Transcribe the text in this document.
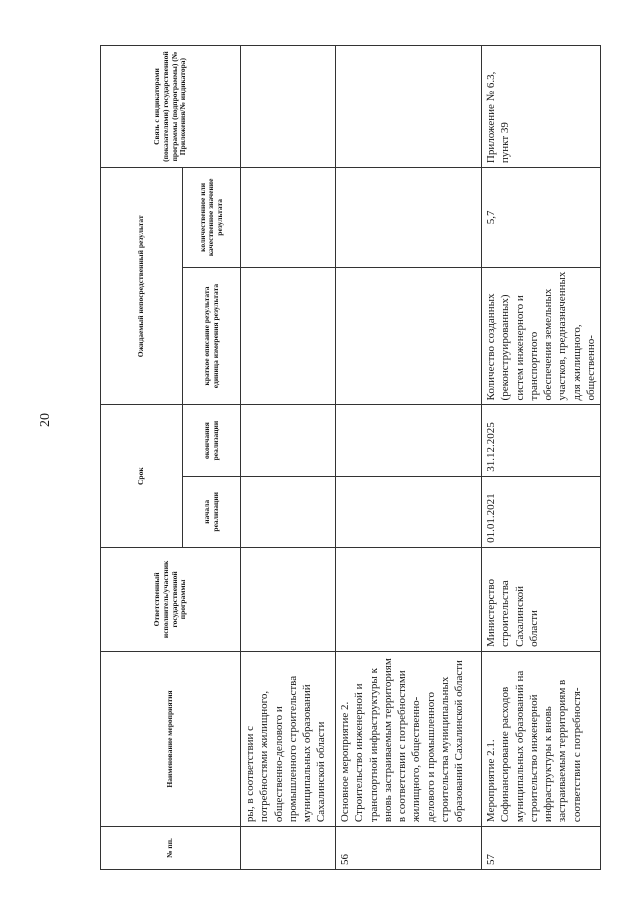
20
№ пп.	Наименование мероприятия	Ответственный исполнитель/участник государственной программы	Срок		Ожидаемый непосредственный результат		Связь с индикаторами (показателями) государственной программы (подпрограммы) (№ Приложения/№ индикатора)
			начала реализации	окончания реализации	краткое описание результата единица измерения результата	количественное или качественное значение результата	
	ры, в соответствии с потребностями жилищного, общественно-делового и промышленного строительства муниципальных образований Сахалинской области						
56	Основное мероприятие 2. Строительство инженерной и транспортной инфраструктуры к вновь застраиваемым территориям в соответствии с потребностями жилищного, общественно-делового и промышленного строительства муниципальных образований Сахалинской области						
57	Мероприятие 2.1. Софинансирование расходов муниципальных образований на строительство инженерной инфраструктуры к вновь застраиваемым территориям в соответствии с потребностя-	Министерство строительства Сахалинской области	01.01.2021	31.12.2025	Количество созданных (реконструированных) систем инженерного и транспортного обеспечения земельных участков, предназначенных для жилищного, общественно-	5,7	Приложение № 6.3, пункт 39
